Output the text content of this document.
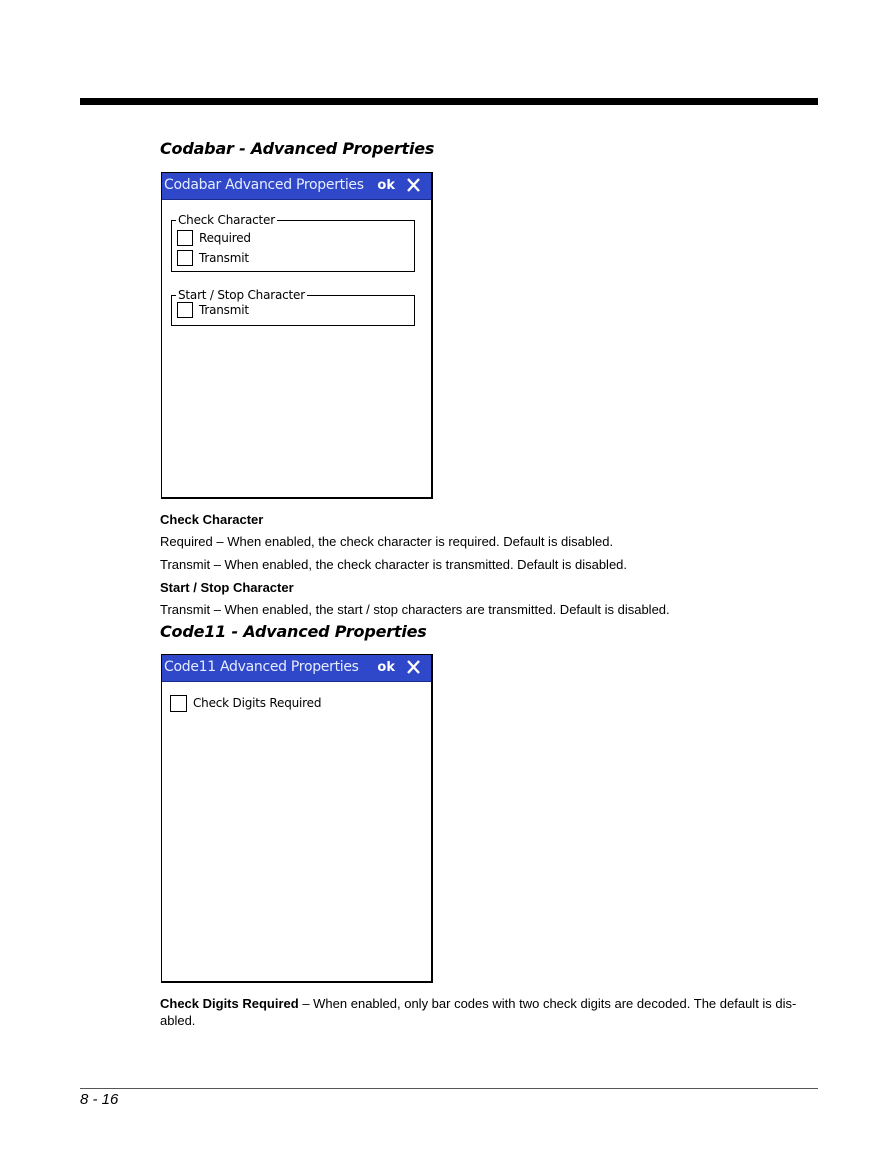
Codabar - Advanced Properties
Codabar Advanced Properties ok
Check Character
Required
Transmit
Start / Stop Character
Transmit
Check Character
Required – When enabled, the check character is required. Default is disabled.
Transmit – When enabled, the check character is transmitted. Default is disabled.
Start / Stop Character
Transmit – When enabled, the start / stop characters are transmitted. Default is disabled.
Code11 - Advanced Properties
Code11 Advanced Properties ok
Check Digits Required
Check Digits Required – When enabled, only bar codes with two check digits are decoded. The default is dis-abled.
8 - 16
